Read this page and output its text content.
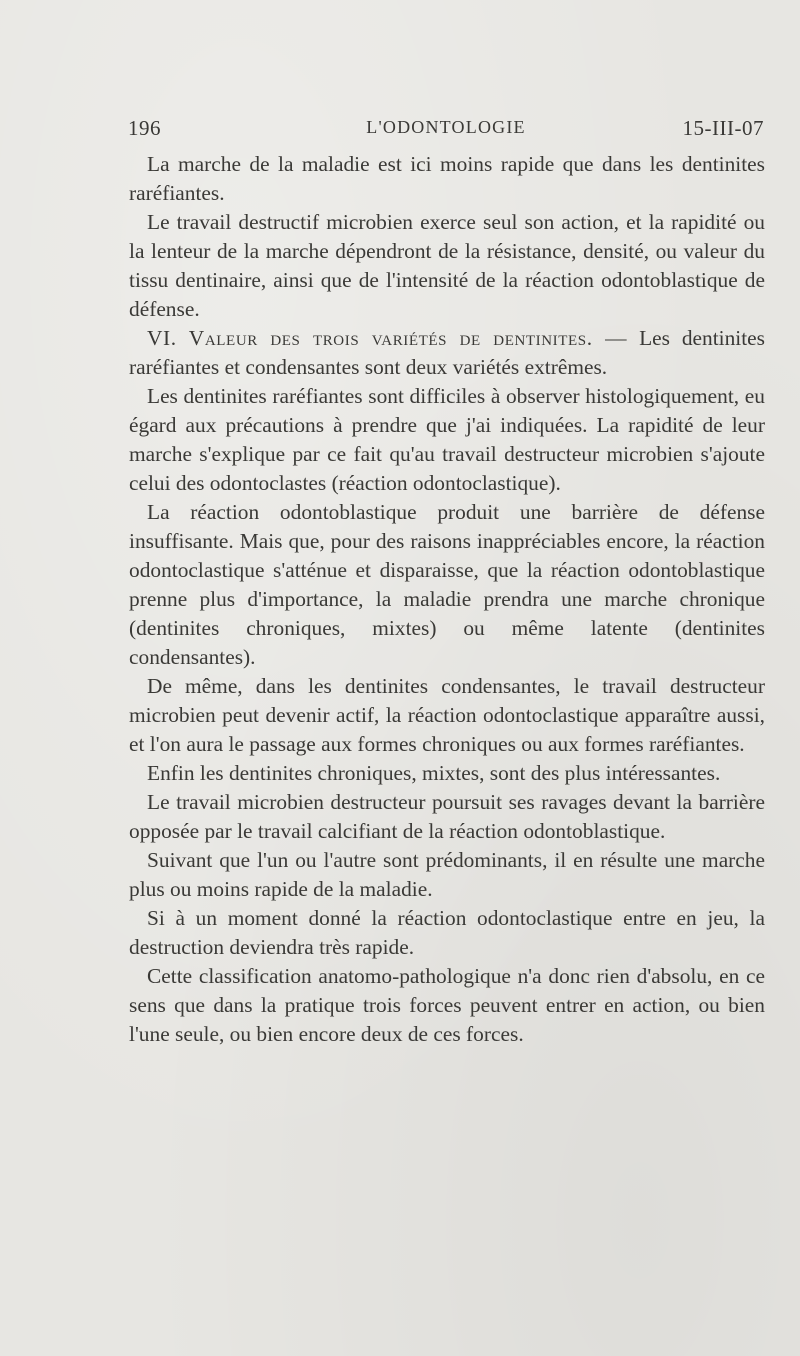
196	L'ODONTOLOGIE	15-III-07

La marche de la maladie est ici moins rapide que dans les dentinites raréfiantes.

Le travail destructif microbien exerce seul son action, et la rapidité ou la lenteur de la marche dépendront de la résistance, densité, ou valeur du tissu dentinaire, ainsi que de l'intensité de la réaction odontoblastique de défense.

VI. Valeur des trois variétés de dentinites. — Les dentinites raréfiantes et condensantes sont deux variétés extrêmes.

Les dentinites raréfiantes sont difficiles à observer histologiquement, eu égard aux précautions à prendre que j'ai indiquées. La rapidité de leur marche s'explique par ce fait qu'au travail destructeur microbien s'ajoute celui des odontoclastes (réaction odontoclastique).

La réaction odontoblastique produit une barrière de défense insuffisante. Mais que, pour des raisons inappréciables encore, la réaction odontoclastique s'atténue et disparaisse, que la réaction odontoblastique prenne plus d'importance, la maladie prendra une marche chronique (dentinites chroniques, mixtes) ou même latente (dentinites condensantes).

De même, dans les dentinites condensantes, le travail destructeur microbien peut devenir actif, la réaction odontoclastique apparaître aussi, et l'on aura le passage aux formes chroniques ou aux formes raréfiantes.

Enfin les dentinites chroniques, mixtes, sont des plus intéressantes.

Le travail microbien destructeur poursuit ses ravages devant la barrière opposée par le travail calcifiant de la réaction odontoblastique.

Suivant que l'un ou l'autre sont prédominants, il en résulte une marche plus ou moins rapide de la maladie.

Si à un moment donné la réaction odontoclastique entre en jeu, la destruction deviendra très rapide.

Cette classification anatomo-pathologique n'a donc rien d'absolu, en ce sens que dans la pratique trois forces peuvent entrer en action, ou bien l'une seule, ou bien encore deux de ces forces.
